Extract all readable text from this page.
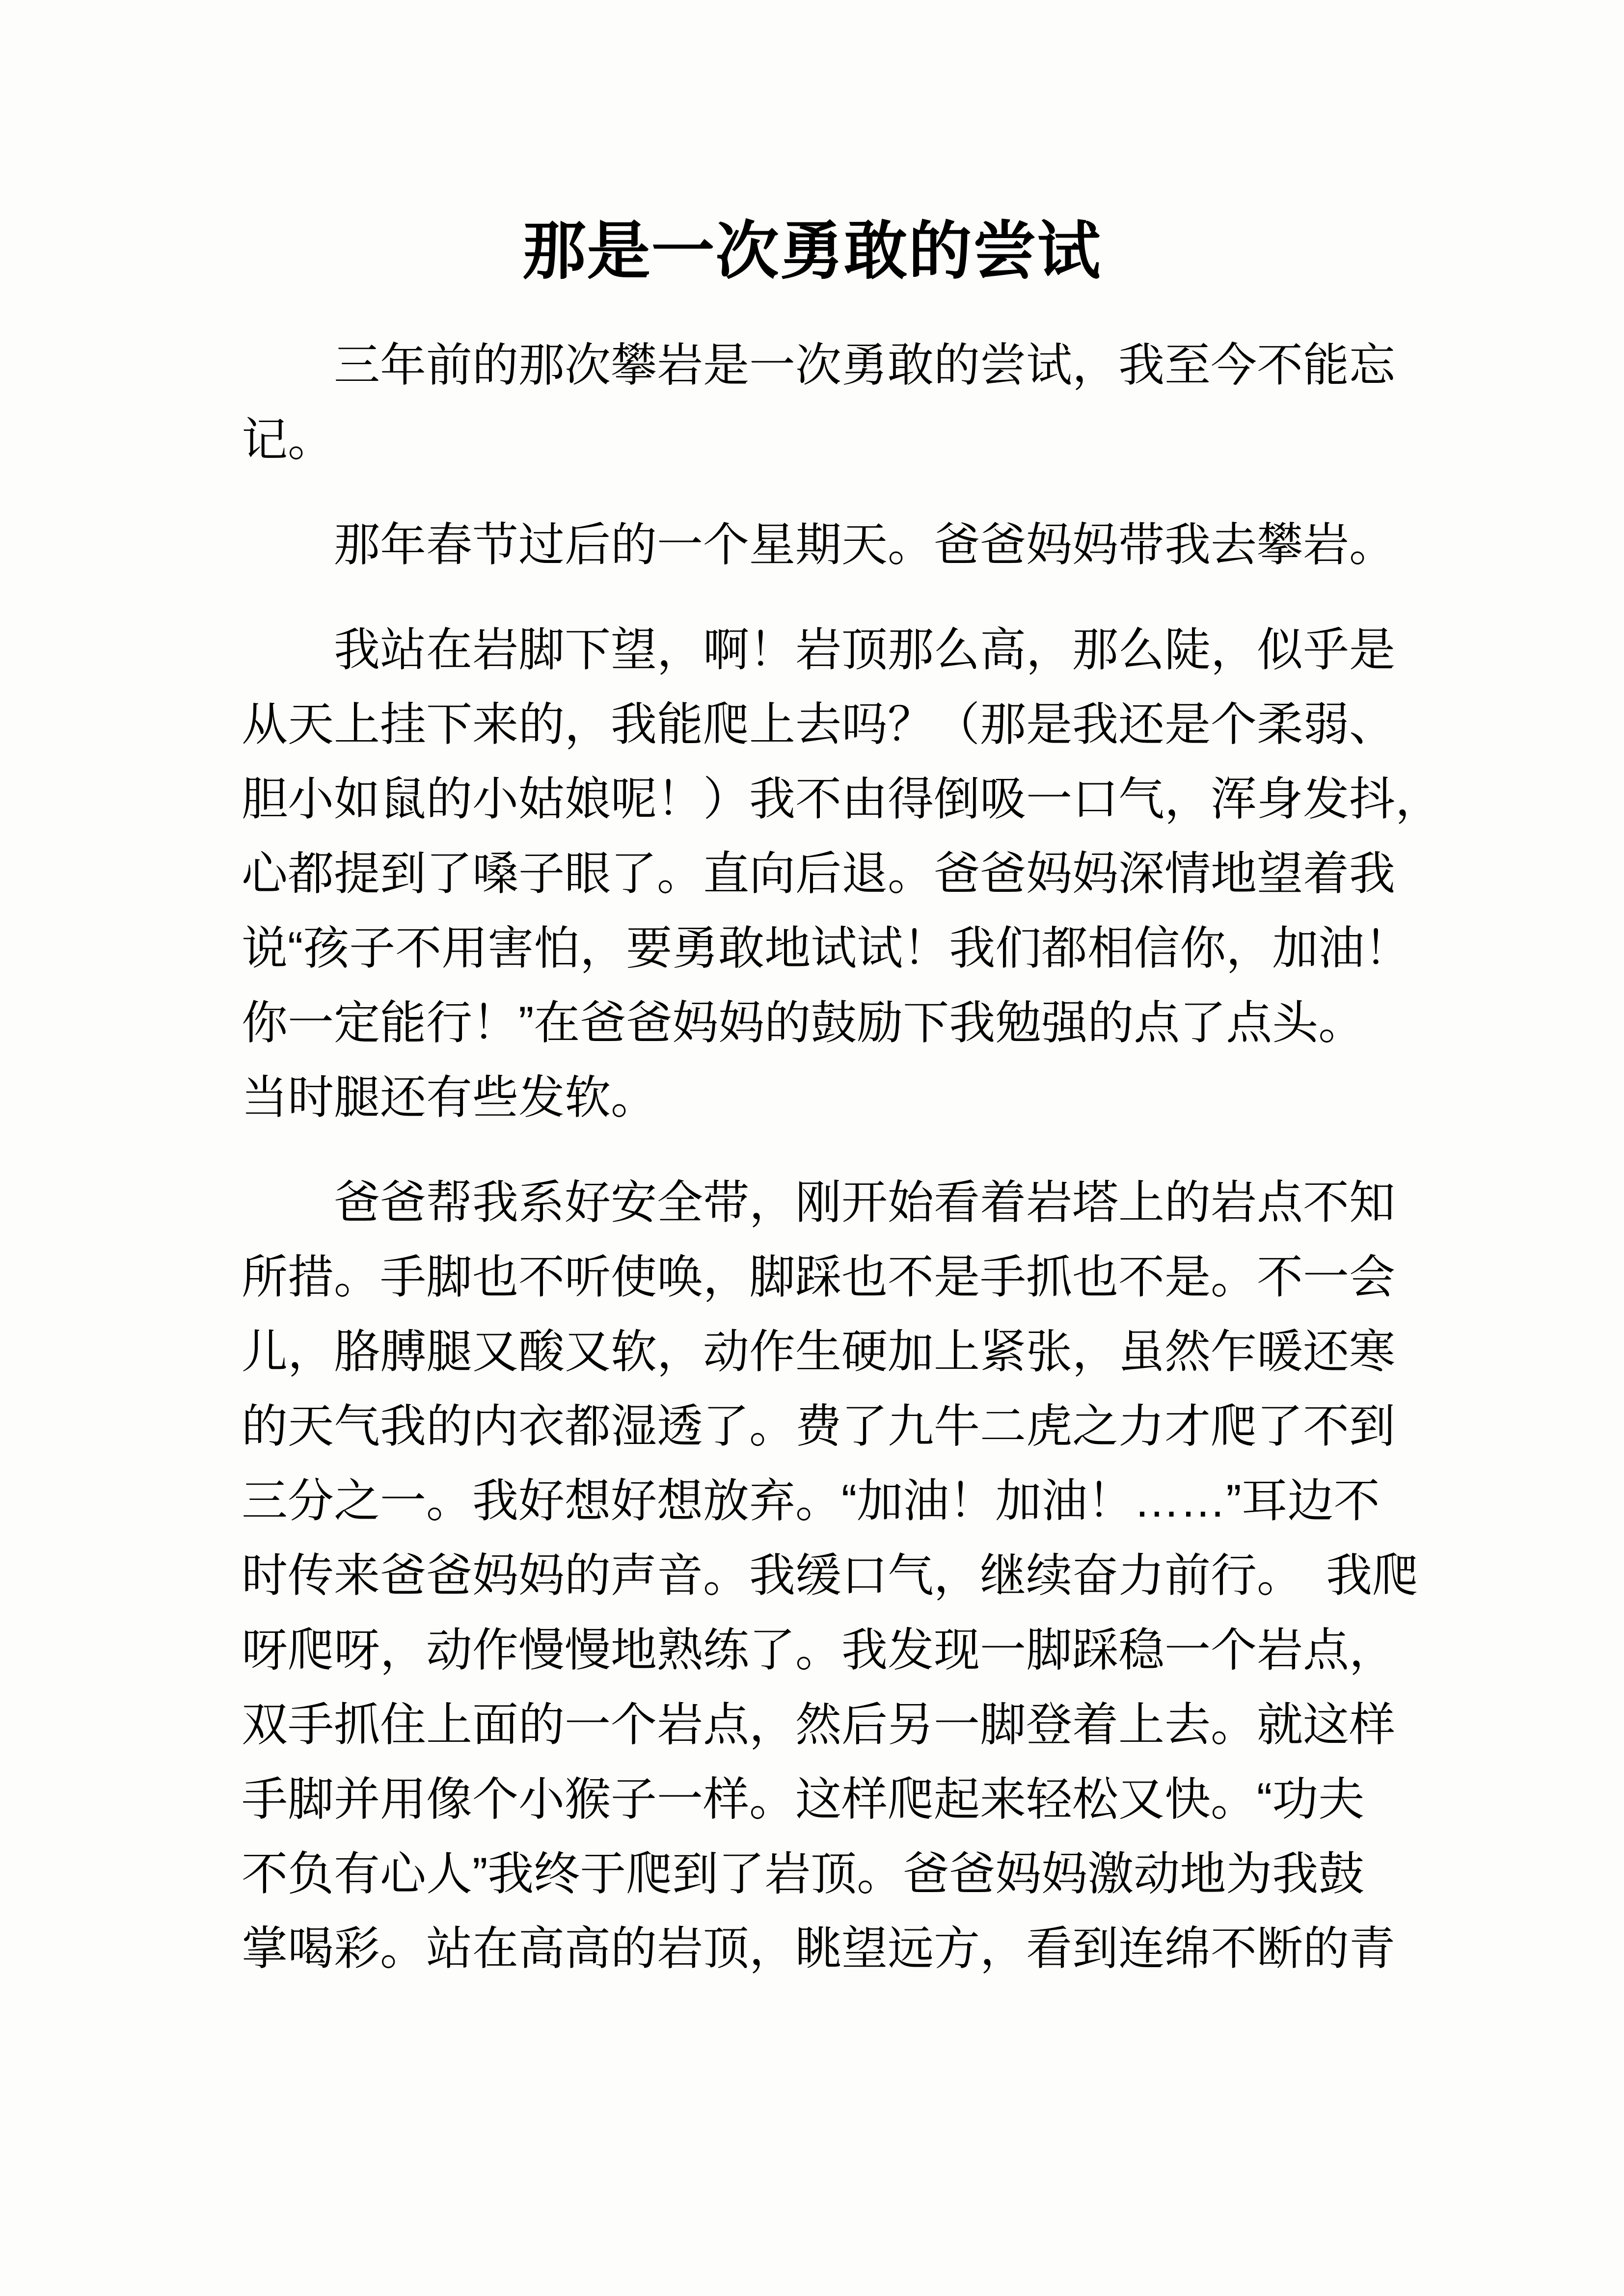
那是一次勇敢的尝试
三年前的那次攀岩是一次勇敢的尝试，我至今不能忘
记。
那年春节过后的一个星期天。爸爸妈妈带我去攀岩。
我站在岩脚下望，啊！岩顶那么高，那么陡，似乎是
从天上挂下来的，我能爬上去吗？（那是我还是个柔弱、
胆小如鼠的小姑娘呢！）我不由得倒吸一口气，浑身发抖，
心都提到了嗓子眼了。直向后退。爸爸妈妈深情地望着我
说“孩子不用害怕，要勇敢地试试！我们都相信你，加油！
你一定能行！”在爸爸妈妈的鼓励下我勉强的点了点头。
当时腿还有些发软。
爸爸帮我系好安全带，刚开始看着岩塔上的岩点不知
所措。手脚也不听使唤，脚踩也不是手抓也不是。不一会
儿，胳膊腿又酸又软，动作生硬加上紧张，虽然乍暖还寒
的天气我的内衣都湿透了。费了九牛二虎之力才爬了不到
三分之一。我好想好想放弃。“加油！加油！……”耳边不
时传来爸爸妈妈的声音。我缓口气，继续奋力前行。　我爬
呀爬呀，动作慢慢地熟练了。我发现一脚踩稳一个岩点，
双手抓住上面的一个岩点，然后另一脚登着上去。就这样
手脚并用像个小猴子一样。这样爬起来轻松又快。“功夫
不负有心人”我终于爬到了岩顶。爸爸妈妈激动地为我鼓
掌喝彩。站在高高的岩顶，眺望远方，看到连绵不断的青
